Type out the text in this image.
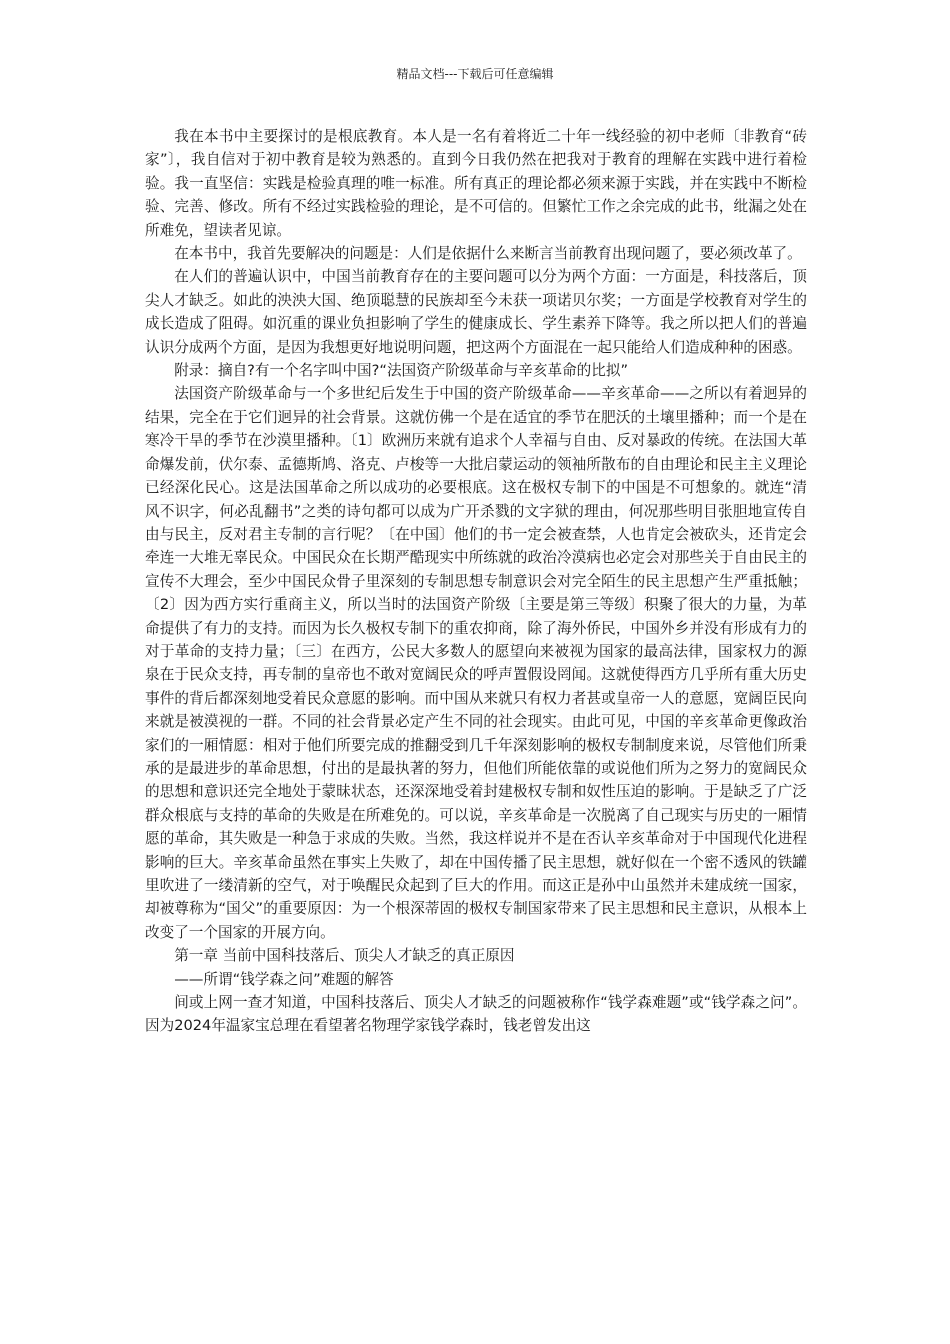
精品文档---下载后可任意编辑

我在本书中主要探讨的是根底教育。本人是一名有着将近二十年一线经验的初中老师〔非教育“砖家”〕，我自信对于初中教育是较为熟悉的。直到今日我仍然在把我对于教育的理解在实践中进行着检验。我一直坚信：实践是检验真理的唯一标准。所有真正的理论都必须来源于实践，并在实践中不断检验、完善、修改。所有不经过实践检验的理论，是不可信的。但繁忙工作之余完成的此书，纰漏之处在所难免，望读者见谅。

在本书中，我首先要解决的问题是：人们是依据什么来断言当前教育出现问题了，要必须改革了。

在人们的普遍认识中，中国当前教育存在的主要问题可以分为两个方面：一方面是，科技落后，顶尖人才缺乏。如此的泱泱大国、绝顶聪慧的民族却至今未获一项诺贝尔奖；一方面是学校教育对学生的成长造成了阻碍。如沉重的课业负担影响了学生的健康成长、学生素养下降等。我之所以把人们的普遍认识分成两个方面，是因为我想更好地说明问题，把这两个方面混在一起只能给人们造成种种的困惑。

附录：摘自?有一个名字叫中国?“法国资产阶级革命与辛亥革命的比拟”

法国资产阶级革命与一个多世纪后发生于中国的资产阶级革命——辛亥革命——之所以有着迥异的结果，完全在于它们迥异的社会背景。这就仿佛一个是在适宜的季节在肥沃的土壤里播种；而一个是在寒冷干旱的季节在沙漠里播种。〔1〕欧洲历来就有追求个人幸福与自由、反对暴政的传统。在法国大革命爆发前，伏尔泰、孟德斯鸠、洛克、卢梭等一大批启蒙运动的领袖所散布的自由理论和民主主义理论已经深化民心。这是法国革命之所以成功的必要根底。这在极权专制下的中国是不可想象的。就连“清风不识字，何必乱翻书”之类的诗句都可以成为广开杀戮的文字狱的理由，何况那些明目张胆地宣传自由与民主，反对君主专制的言行呢？〔在中国〕他们的书一定会被查禁，人也肯定会被砍头，还肯定会牵连一大堆无辜民众。中国民众在长期严酷现实中所练就的政治冷漠病也必定会对那些关于自由民主的宣传不大理会，至少中国民众骨子里深刻的专制思想专制意识会对完全陌生的民主思想产生严重抵触；〔2〕因为西方实行重商主义，所以当时的法国资产阶级〔主要是第三等级〕积聚了很大的力量，为革命提供了有力的支持。而因为长久极权专制下的重农抑商，除了海外侨民，中国外乡并没有形成有力的对于革命的支持力量；〔三〕在西方，公民大多数人的愿望向来被视为国家的最高法律，国家权力的源泉在于民众支持，再专制的皇帝也不敢对宽阔民众的呼声置假设罔闻。这就使得西方几乎所有重大历史事件的背后都深刻地受着民众意愿的影响。而中国从来就只有权力者甚或皇帝一人的意愿，宽阔臣民向来就是被漠视的一群。不同的社会背景必定产生不同的社会现实。由此可见，中国的辛亥革命更像政治家们的一厢情愿：相对于他们所要完成的推翻受到几千年深刻影响的极权专制制度来说，尽管他们所秉承的是最进步的革命思想，付出的是最执著的努力，但他们所能依靠的或说他们所为之努力的宽阔民众的思想和意识还完全地处于蒙昧状态，还深深地受着封建极权专制和奴性压迫的影响。于是缺乏了广泛群众根底与支持的革命的失败是在所难免的。可以说，辛亥革命是一次脱离了自己现实与历史的一厢情愿的革命，其失败是一种急于求成的失败。当然，我这样说并不是在否认辛亥革命对于中国现代化进程影响的巨大。辛亥革命虽然在事实上失败了，却在中国传播了民主思想，就好似在一个密不透风的铁罐里吹进了一缕清新的空气，对于唤醒民众起到了巨大的作用。而这正是孙中山虽然并未建成统一国家，却被尊称为“国父”的重要原因：为一个根深蒂固的极权专制国家带来了民主思想和民主意识，从根本上改变了一个国家的开展方向。

第一章 当前中国科技落后、顶尖人才缺乏的真正原因

——所谓“钱学森之问”难题的解答

间或上网一查才知道，中国科技落后、顶尖人才缺乏的问题被称作“钱学森难题”或“钱学森之问”。因为2024年温家宝总理在看望著名物理学家钱学森时，钱老曾发出这
